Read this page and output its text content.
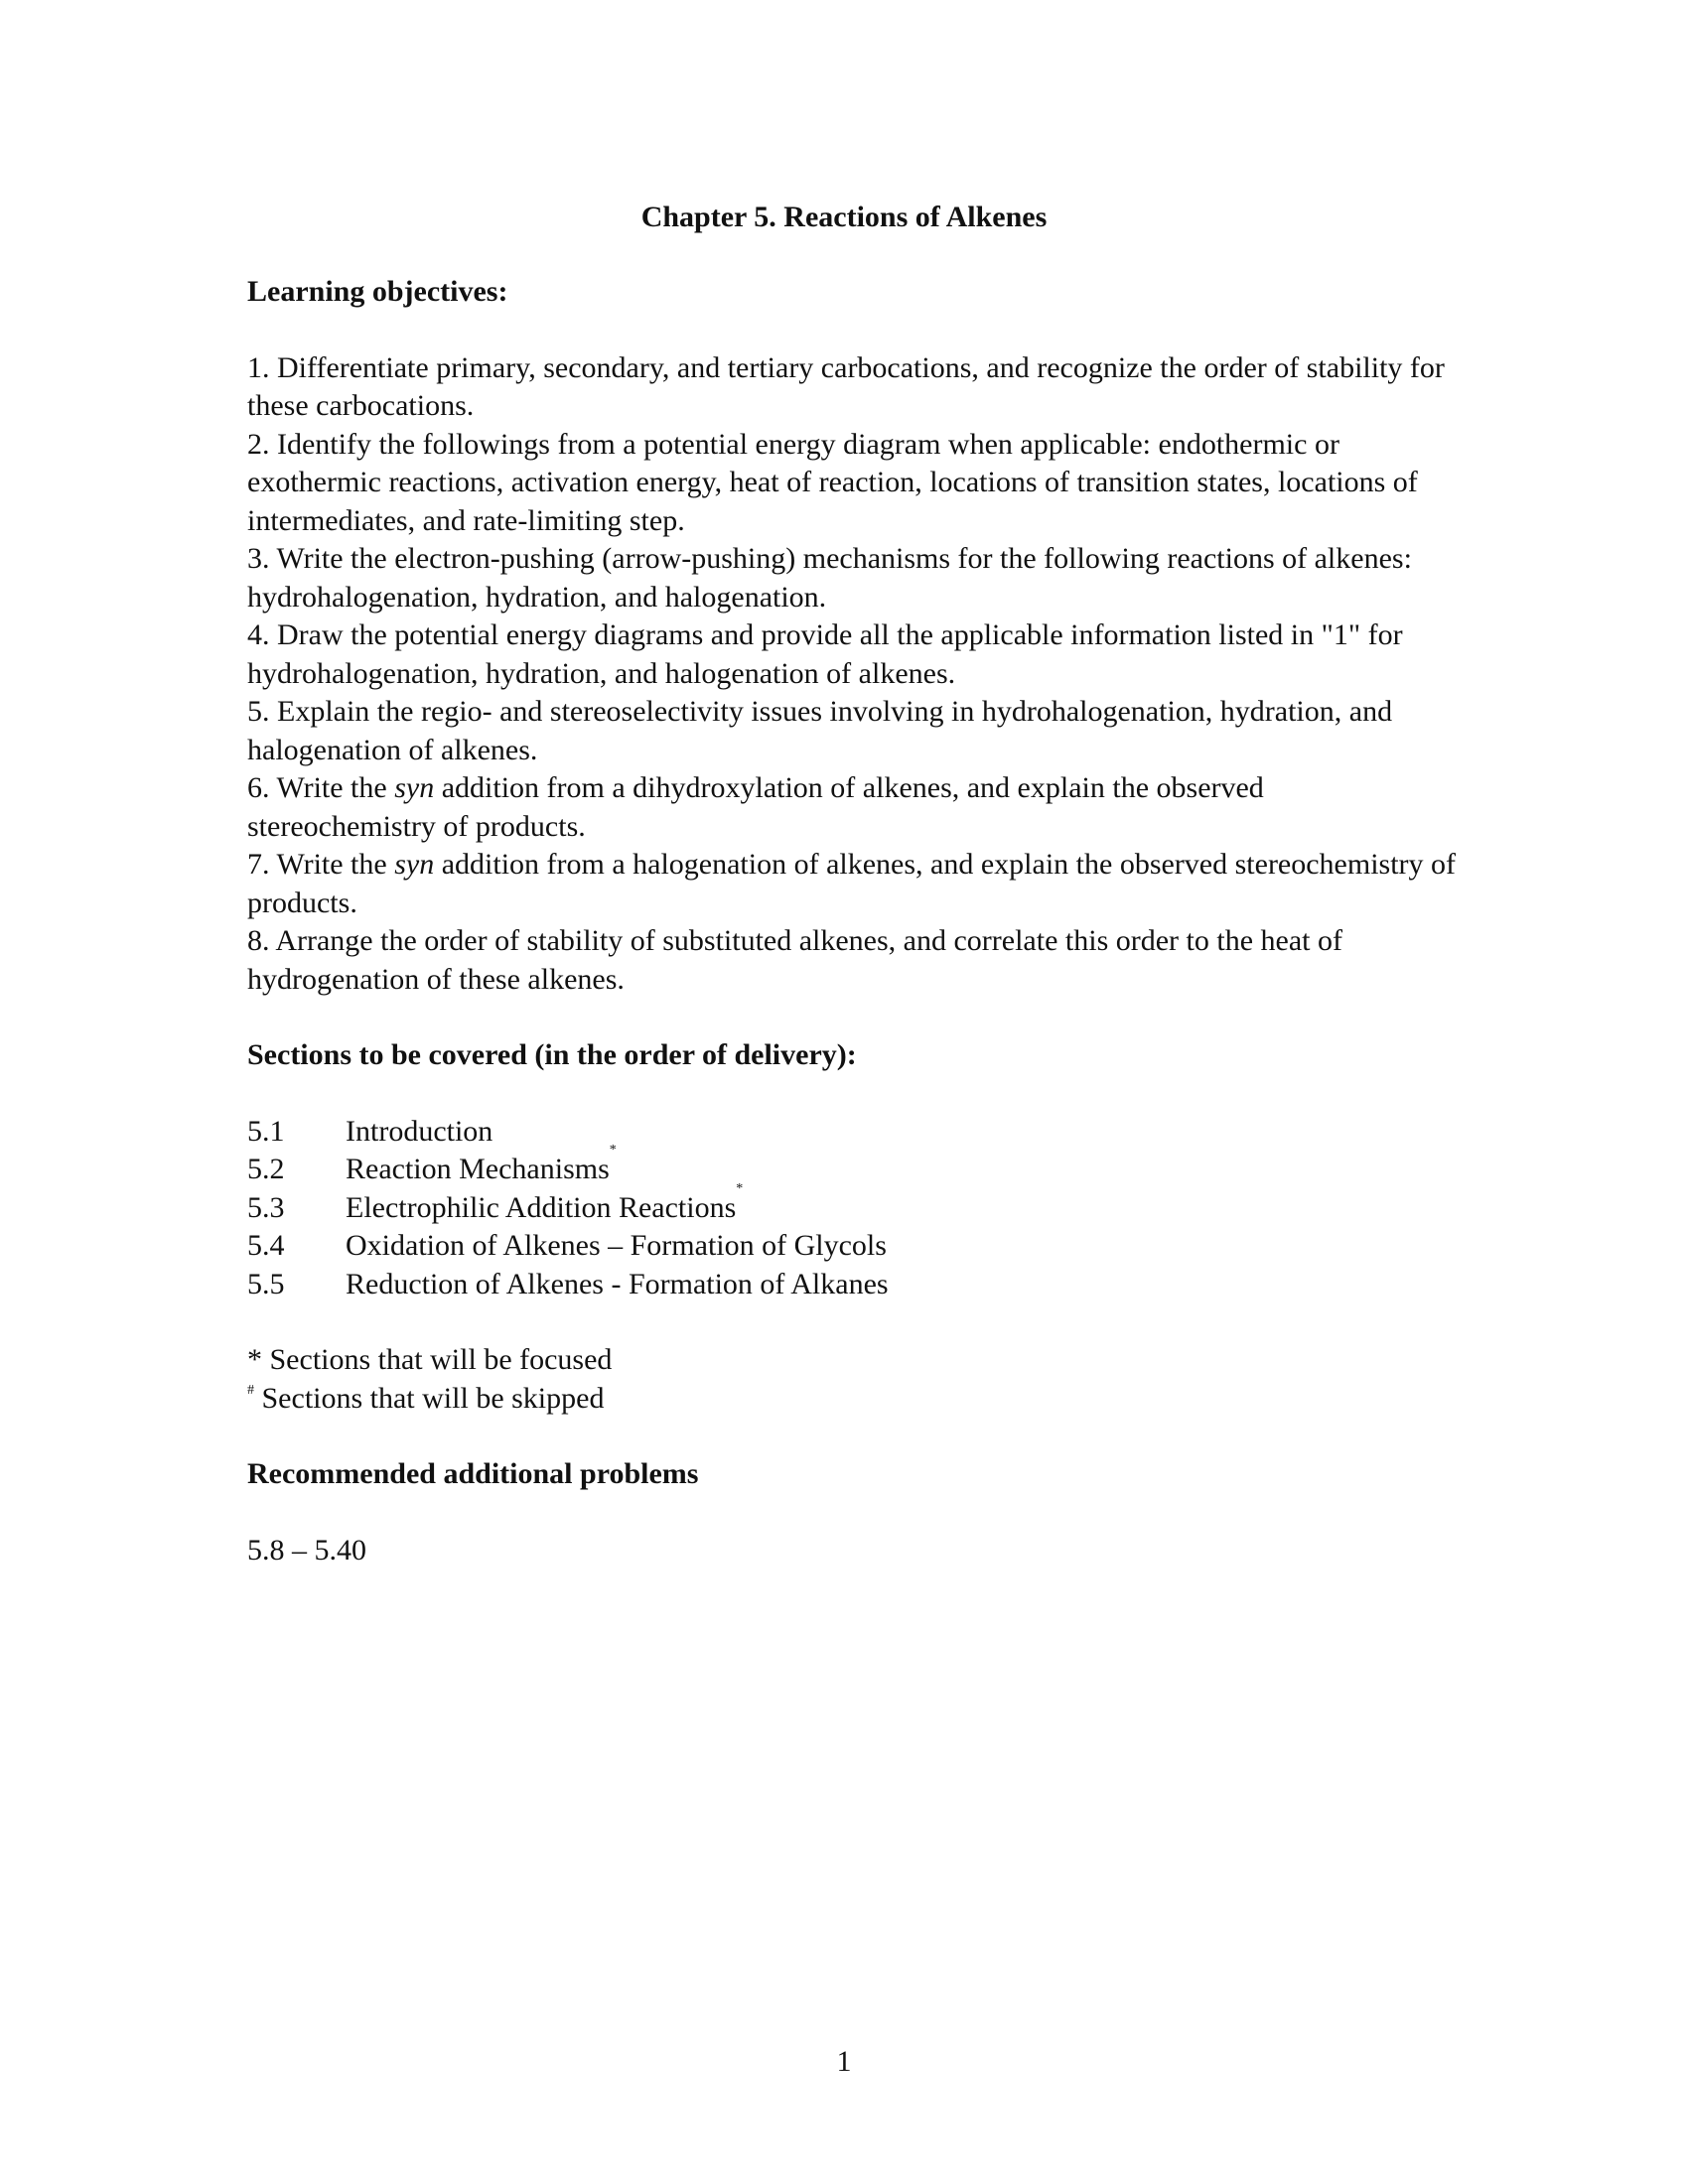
Chapter 5. Reactions of Alkenes

Learning objectives:

1. Differentiate primary, secondary, and tertiary carbocations, and recognize the order of stability for these carbocations.
2. Identify the followings from a potential energy diagram when applicable: endothermic or exothermic reactions, activation energy, heat of reaction, locations of transition states, locations of intermediates, and rate-limiting step.
3. Write the electron-pushing (arrow-pushing) mechanisms for the following reactions of alkenes: hydrohalogenation, hydration, and halogenation.
4. Draw the potential energy diagrams and provide all the applicable information listed in "1" for hydrohalogenation, hydration, and halogenation of alkenes.
5. Explain the regio- and stereoselectivity issues involving in hydrohalogenation, hydration, and halogenation of alkenes.
6. Write the syn addition from a dihydroxylation of alkenes, and explain the observed stereochemistry of products.
7. Write the syn addition from a halogenation of alkenes, and explain the observed stereochemistry of products.
8. Arrange the order of stability of substituted alkenes, and correlate this order to the heat of hydrogenation of these alkenes.

Sections to be covered (in the order of delivery):

5.1	Introduction
5.2	Reaction Mechanisms
*
5.3	Electrophilic Addition Reactions
*
5.4	Oxidation of Alkenes – Formation of Glycols
5.5	Reduction of Alkenes - Formation of Alkanes
* Sections that will be focused
# Sections that will be skipped

Recommended additional problems

5.8 – 5.40
1
